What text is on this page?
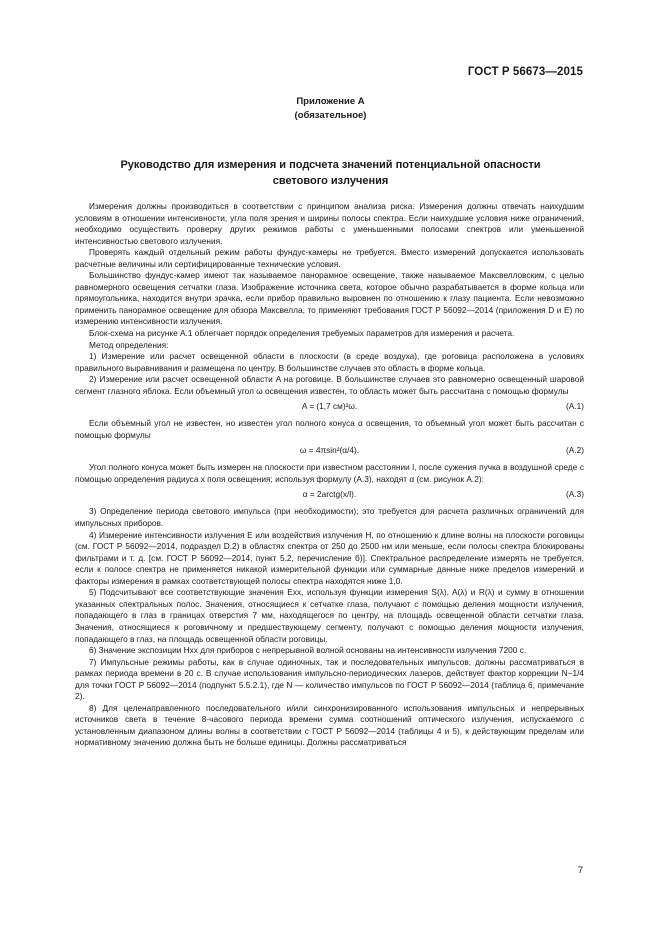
ГОСТ Р 56673—2015
Приложение А
(обязательное)
Руководство для измерения и подсчета значений потенциальной опасности
светового излучения

Измерения должны производиться в соответствии с принципом анализа риска. Измерения должны отвечать наихудшим условиям в отношении интенсивности, угла поля зрения и ширины полосы спектра. Если наихудшие условия ниже ограничений, необходимо осуществить проверку других режимов работы с уменьшенными полосами спектров или уменьшенной интенсивностью светового излучения.

Проверять каждый отдельный режим работы фундус-камеры не требуется. Вместо измерений допускается использовать расчетные величины или сертифицированные технические условия.

Большинство фундус-камер имеют так называемое панорамное освещение, также называемое Максвелловским, с целью равномерного освещения сетчатки глаза. Изображение источника света, которое обычно разрабатывается в форме кольца или прямоугольника, находится внутри зрачка, если прибор правильно выровнен по отношению к глазу пациента. Если невозможно применить панорамное освещение для обзора Максвелла, то применяют требования ГОСТ Р 56092—2014 (приложения D и E) по измерению интенсивности излучения.

Блок-схема на рисунке А.1 облегчает порядок определения требуемых параметров для измерения и расчета.

Метод определения:

1) Измерение или расчет освещенной области в плоскости (в среде воздуха), где роговица расположена в условиях правильного выравнивания и размещена по центру. В большинстве случаев это область в форме кольца.

2) Измерение или расчет освещенной области A на роговице. В большинстве случаев это равномерно освещенный шаровой сегмент глазного яблока. Если объемный угол ω освещения известен, то область может быть рассчитана с помощью формулы

A = (1,7 см)²ω.	(А.1)

Если объемный угол не известен, но известен угол полного конуса α освещения, то объемный угол может быть рассчитан с помощью формулы

ω = 4πsin²(α/4).	(А.2)

Угол полного конуса может быть измерен на плоскости при известном расстоянии l, после сужения пучка в воздушной среде с помощью определения радиуса x поля освещения; используя формулу (А.3), находят α (см. рисунок А.2):

α = 2arctg(x/l).	(А.3)

3) Определение периода светового импульса (при необходимости); это требуется для расчета различных ограничений для импульсных приборов.

4) Измерение интенсивности излучения E или воздействия излучения H, по отношению к длине волны на плоскости роговицы (см. ГОСТ Р 56092—2014, подраздел D.2) в областях спектра от 250 до 2500 нм или меньше, если полосы спектра блокированы фильтрами и т. д. [см. ГОСТ Р 56092—2014, пункт 5.2, перечисление б)]. Спектральное распределение измерять не требуется, если к полосе спектра не применяется никакой измерительной функции или суммарные данные ниже пределов измерений и факторы измерения в рамках соответствующей полосы спектра находятся ниже 1,0.

5) Подсчитывают все соответствующие значения Eхх, используя функции измерения S(λ), A(λ) и R(λ) и сумму в отношении указанных спектральных полос. Значения, относящиеся к сетчатке глаза, получают с помощью деления мощности излучения, попадающего в глаз в границах отверстия 7 мм, находящегося по центру, на площадь освещенной области сетчатки глаза. Значения, относящиеся к роговичному и предшествующему сегменту, получают с помощью деления мощности излучения, попадающего в глаз, на площадь освещенной области роговицы.

6) Значение экспозиции Hхх для приборов с непрерывной волной основаны на интенсивности излучения 7200 с.

7) Импульсные режимы работы, как в случае одиночных, так и последовательных импульсов, должны рассматриваться в рамках периода времени в 20 с. В случае использования импульсно-периодических лазеров, действует фактор коррекции N−1/4 для точки ГОСТ Р 56092—2014 (подпункт 5.5.2.1), где N — количество импульсов по ГОСТ Р 56092—2014 (таблица 6, примечание 2).

8) Для целенаправленного последовательного и/или синхронизированного использования импульсных и непрерывных источников света в течение 8-часового периода времени сумма соотношений оптического излучения, испускаемого с установленным диапазоном длины волны в соответствии с ГОСТ Р 56092—2014 (таблицы 4 и 5), к действующим пределам или нормативному значению должна быть не больше единицы. Должны рассматриваться

7
